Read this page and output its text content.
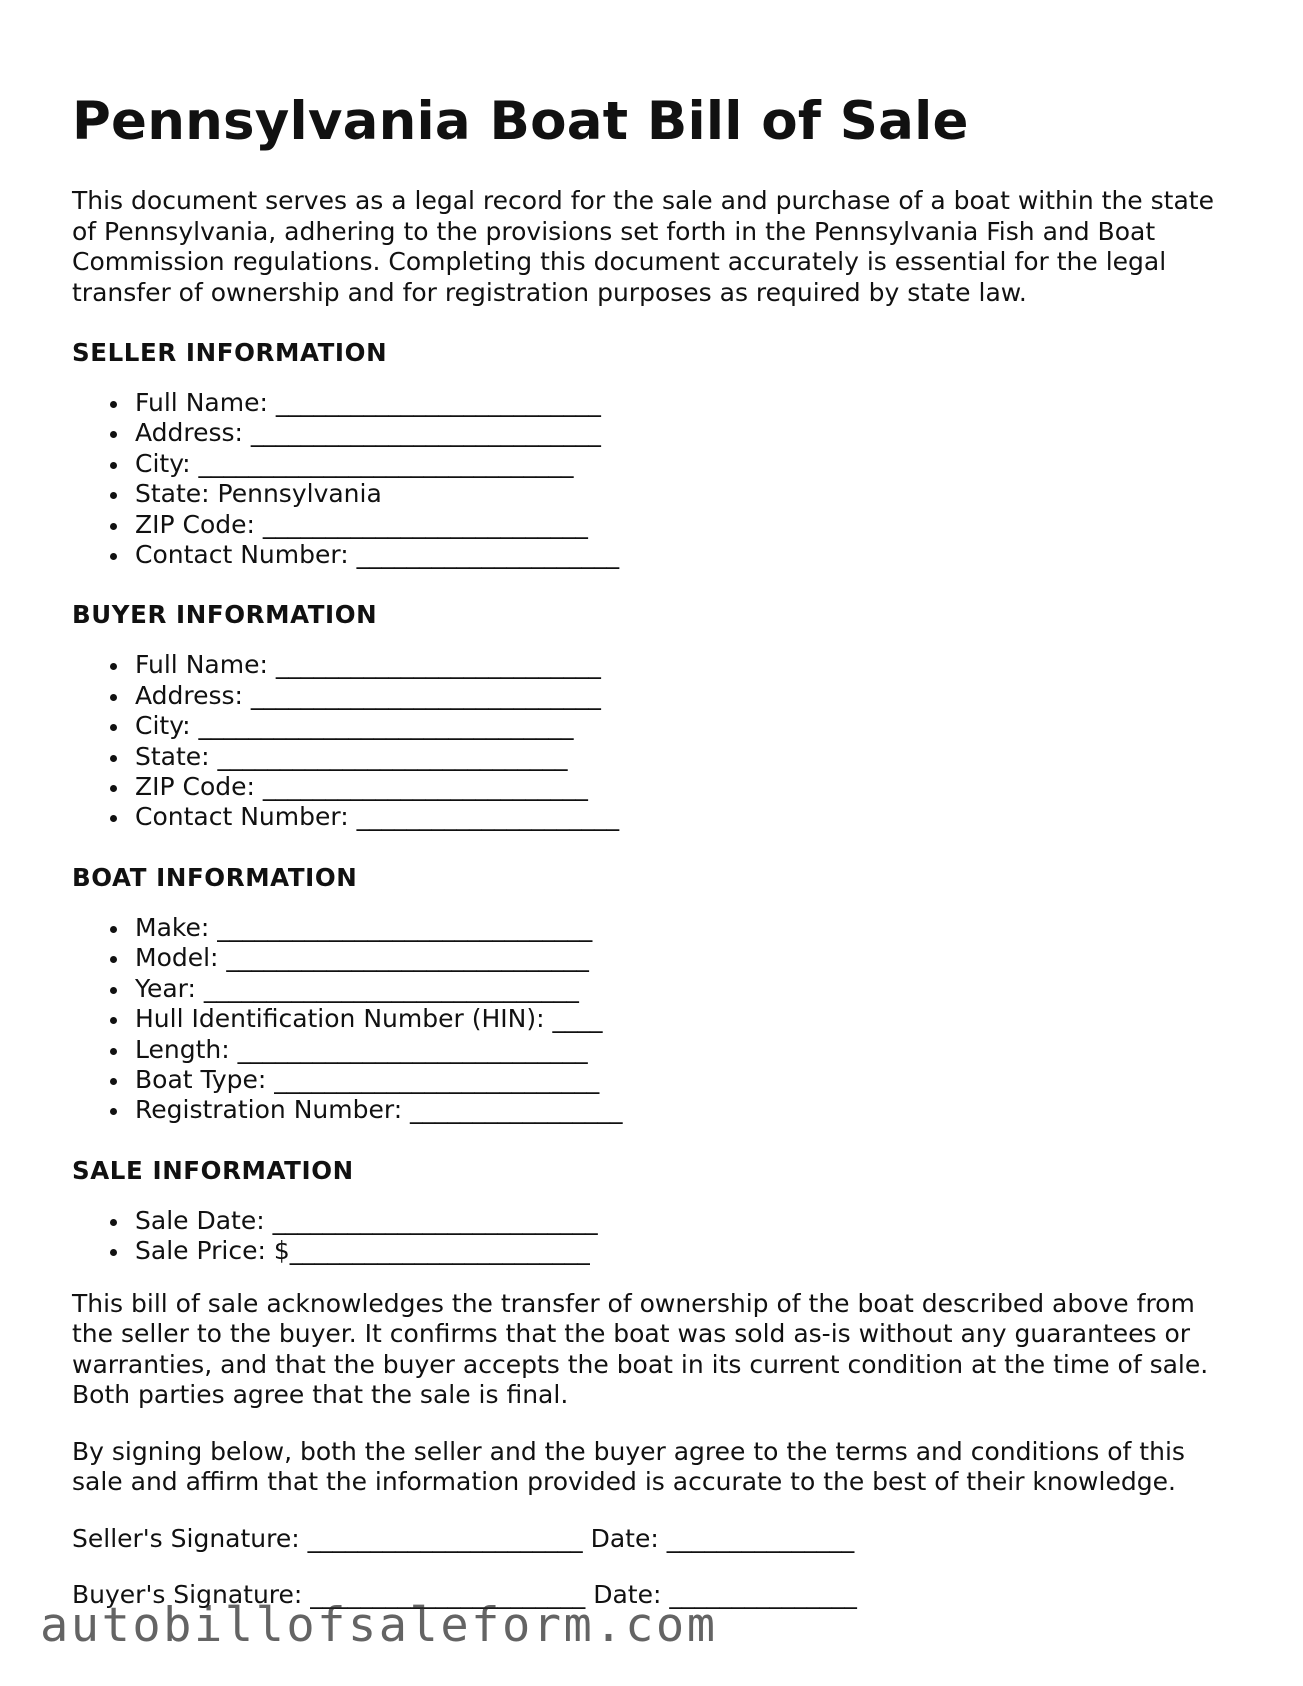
Pennsylvania Boat Bill of Sale

This document serves as a legal record for the sale and purchase of a boat within the state of Pennsylvania, adhering to the provisions set forth in the Pennsylvania Fish and Boat Commission regulations. Completing this document accurately is essential for the legal transfer of ownership and for registration purposes as required by state law.

SELLER INFORMATION
Full Name: __________________________
Address: ____________________________
City: ______________________________
State: Pennsylvania
ZIP Code: __________________________
Contact Number: _____________________
BUYER INFORMATION
Full Name: __________________________
Address: ____________________________
City: ______________________________
State: ____________________________
ZIP Code: __________________________
Contact Number: _____________________
BOAT INFORMATION
Make: ______________________________
Model: _____________________________
Year: ______________________________
Hull Identification Number (HIN): ____
Length: ____________________________
Boat Type: __________________________
Registration Number: _________________
SALE INFORMATION
Sale Date: __________________________
Sale Price: $________________________

This bill of sale acknowledges the transfer of ownership of the boat described above from the seller to the buyer. It confirms that the boat was sold as-is without any guarantees or warranties, and that the buyer accepts the boat in its current condition at the time of sale. Both parties agree that the sale is final.

By signing below, both the seller and the buyer agree to the terms and conditions of this sale and affirm that the information provided is accurate to the best of their knowledge.

Seller's Signature: ______________________ Date: _______________
Buyer's Signature: ______________________ Date: _______________
autobillofsaleform.com
